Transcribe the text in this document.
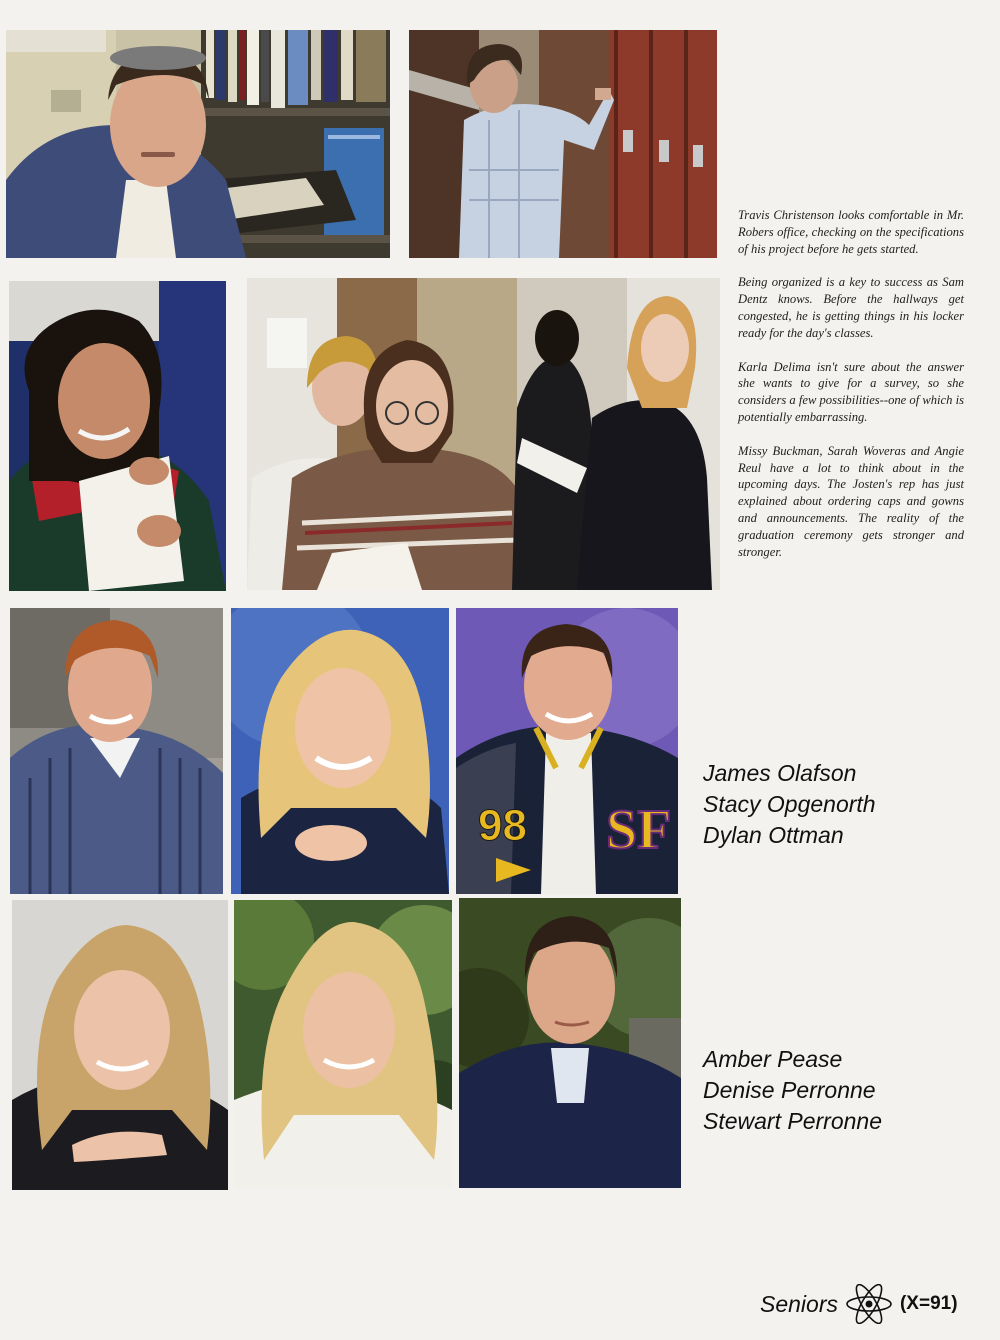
98 SF

Travis Christenson looks comfortable in Mr. Robers office, checking on the specifications of his project before he gets started.

Being organized is a key to success as Sam Dentz knows. Before the hallways get congested, he is getting things in his locker ready for the day's classes.

Karla Delima isn't sure about the answer she wants to give for a survey, so she considers a few possibilities--one of which is potentially embarrassing.

Missy Buckman, Sarah Woveras and Angie Reul have a lot to think about in the upcoming days. The Josten's rep has just explained about ordering caps and gowns and announcements. The reality of the graduation ceremony gets stronger and stronger.

James Olafson
Stacy Opgenorth
Dylan Ottman
Amber Pease
Denise Perronne
Stewart Perronne
Seniors	(X=91)
